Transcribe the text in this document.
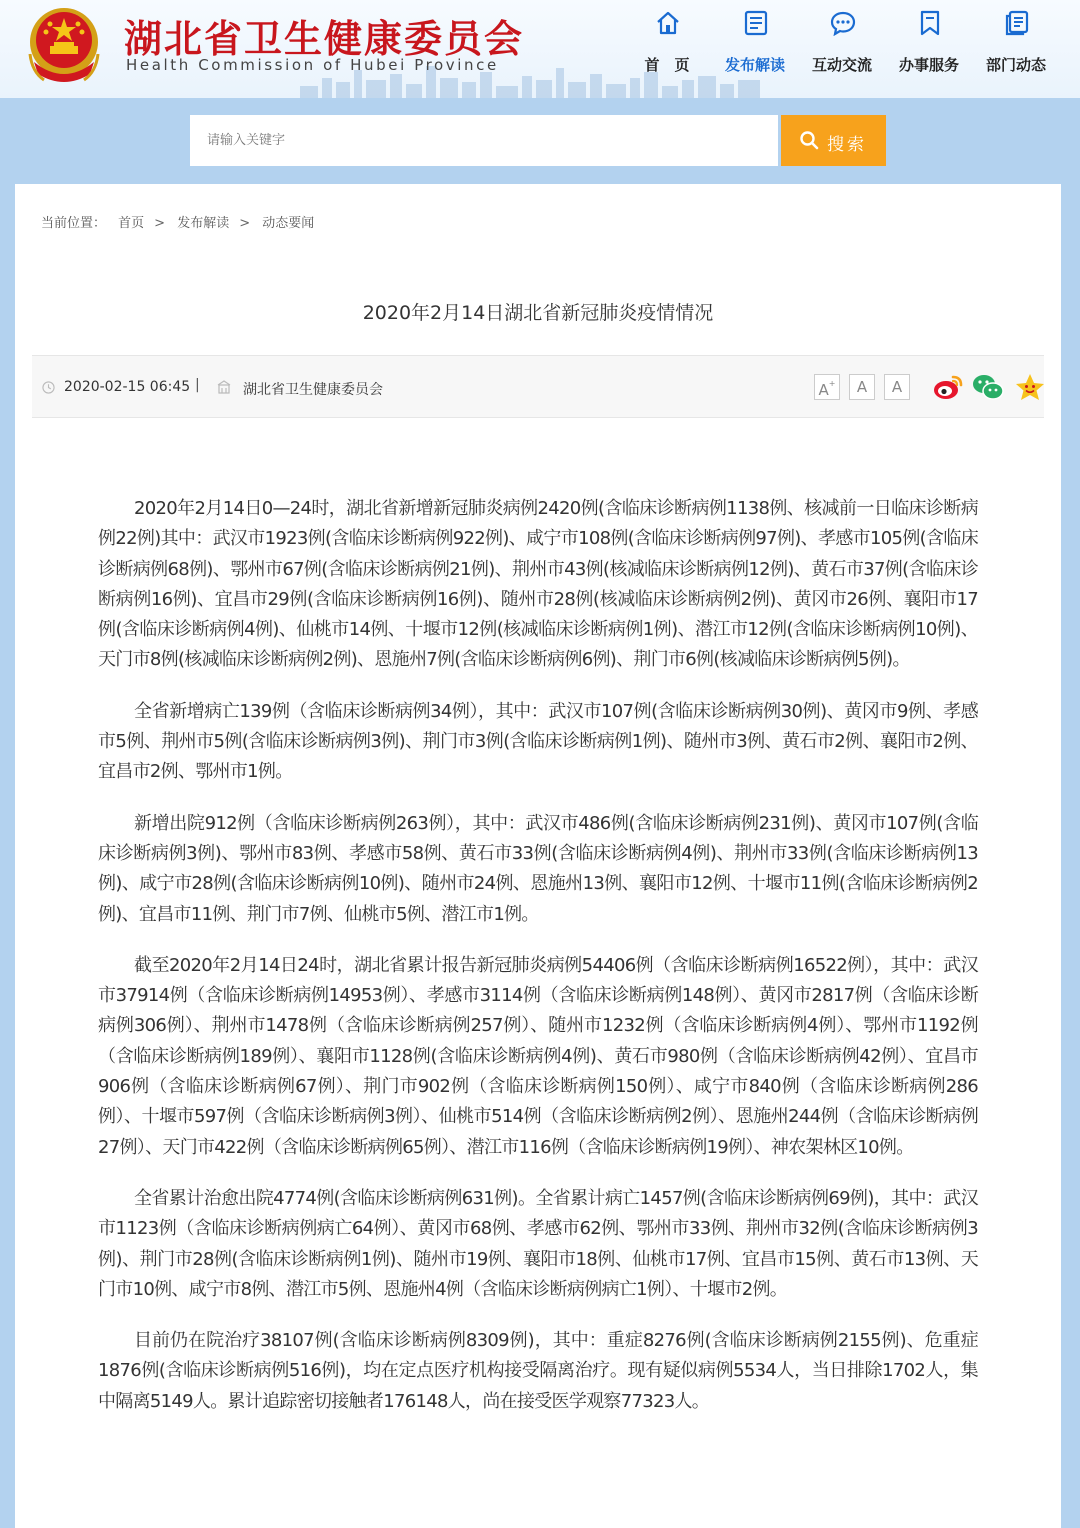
湖北省卫生健康委员会
Health Commission of Hubei Province	首　页	发布解读	互动交流	办事服务	部门动态
请输入关键字
搜索
当前位置： 首页 > 发布解读 > 动态要闻
2020年2月14日湖北省新冠肺炎疫情情况
2020-02-15 06:45 |	湖北省卫生健康委员会	A+	A	A

2020年2月14日0—24时，湖北省新增新冠肺炎病例2420例(含临床诊断病例1138例、核减前一日临床诊断病例22例)其中：武汉市1923例(含临床诊断病例922例)、咸宁市108例(含临床诊断病例97例)、孝感市105例(含临床诊断病例68例)、鄂州市67例(含临床诊断病例21例)、荆州市43例(核减临床诊断病例12例)、黄石市37例(含临床诊断病例16例)、宜昌市29例(含临床诊断病例16例)、随州市28例(核减临床诊断病例2例)、黄冈市26例、襄阳市17例(含临床诊断病例4例)、仙桃市14例、十堰市12例(核减临床诊断病例1例)、潜江市12例(含临床诊断病例10例)、天门市8例(核减临床诊断病例2例)、恩施州7例(含临床诊断病例6例)、荆门市6例(核减临床诊断病例5例)。

全省新增病亡139例（含临床诊断病例34例），其中：武汉市107例(含临床诊断病例30例)、黄冈市9例、孝感市5例、荆州市5例(含临床诊断病例3例)、荆门市3例(含临床诊断病例1例)、随州市3例、黄石市2例、襄阳市2例、宜昌市2例、鄂州市1例。

新增出院912例（含临床诊断病例263例），其中：武汉市486例(含临床诊断病例231例)、黄冈市107例(含临床诊断病例3例)、鄂州市83例、孝感市58例、黄石市33例(含临床诊断病例4例)、荆州市33例(含临床诊断病例13例)、咸宁市28例(含临床诊断病例10例)、随州市24例、恩施州13例、襄阳市12例、十堰市11例(含临床诊断病例2例)、宜昌市11例、荆门市7例、仙桃市5例、潜江市1例。

截至2020年2月14日24时，湖北省累计报告新冠肺炎病例54406例（含临床诊断病例16522例），其中：武汉市37914例（含临床诊断病例14953例）、孝感市3114例（含临床诊断病例148例）、黄冈市2817例（含临床诊断病例306例）、荆州市1478例（含临床诊断病例257例）、随州市1232例（含临床诊断病例4例）、鄂州市1192例（含临床诊断病例189例）、襄阳市1128例(含临床诊断病例4例)、黄石市980例（含临床诊断病例42例）、宜昌市906例（含临床诊断病例67例）、荆门市902例（含临床诊断病例150例）、咸宁市840例（含临床诊断病例286例）、十堰市597例（含临床诊断病例3例）、仙桃市514例（含临床诊断病例2例）、恩施州244例（含临床诊断病例27例）、天门市422例（含临床诊断病例65例）、潜江市116例（含临床诊断病例19例）、神农架林区10例。

全省累计治愈出院4774例(含临床诊断病例631例)。全省累计病亡1457例(含临床诊断病例69例)，其中：武汉市1123例（含临床诊断病例病亡64例）、黄冈市68例、孝感市62例、鄂州市33例、荆州市32例(含临床诊断病例3例)、荆门市28例(含临床诊断病例1例)、随州市19例、襄阳市18例、仙桃市17例、宜昌市15例、黄石市13例、天门市10例、咸宁市8例、潜江市5例、恩施州4例（含临床诊断病例病亡1例）、十堰市2例。

目前仍在院治疗38107例(含临床诊断病例8309例)，其中：重症8276例(含临床诊断病例2155例)、危重症1876例(含临床诊断病例516例)，均在定点医疗机构接受隔离治疗。现有疑似病例5534人，当日排除1702人，集中隔离5149人。累计追踪密切接触者176148人，尚在接受医学观察77323人。
